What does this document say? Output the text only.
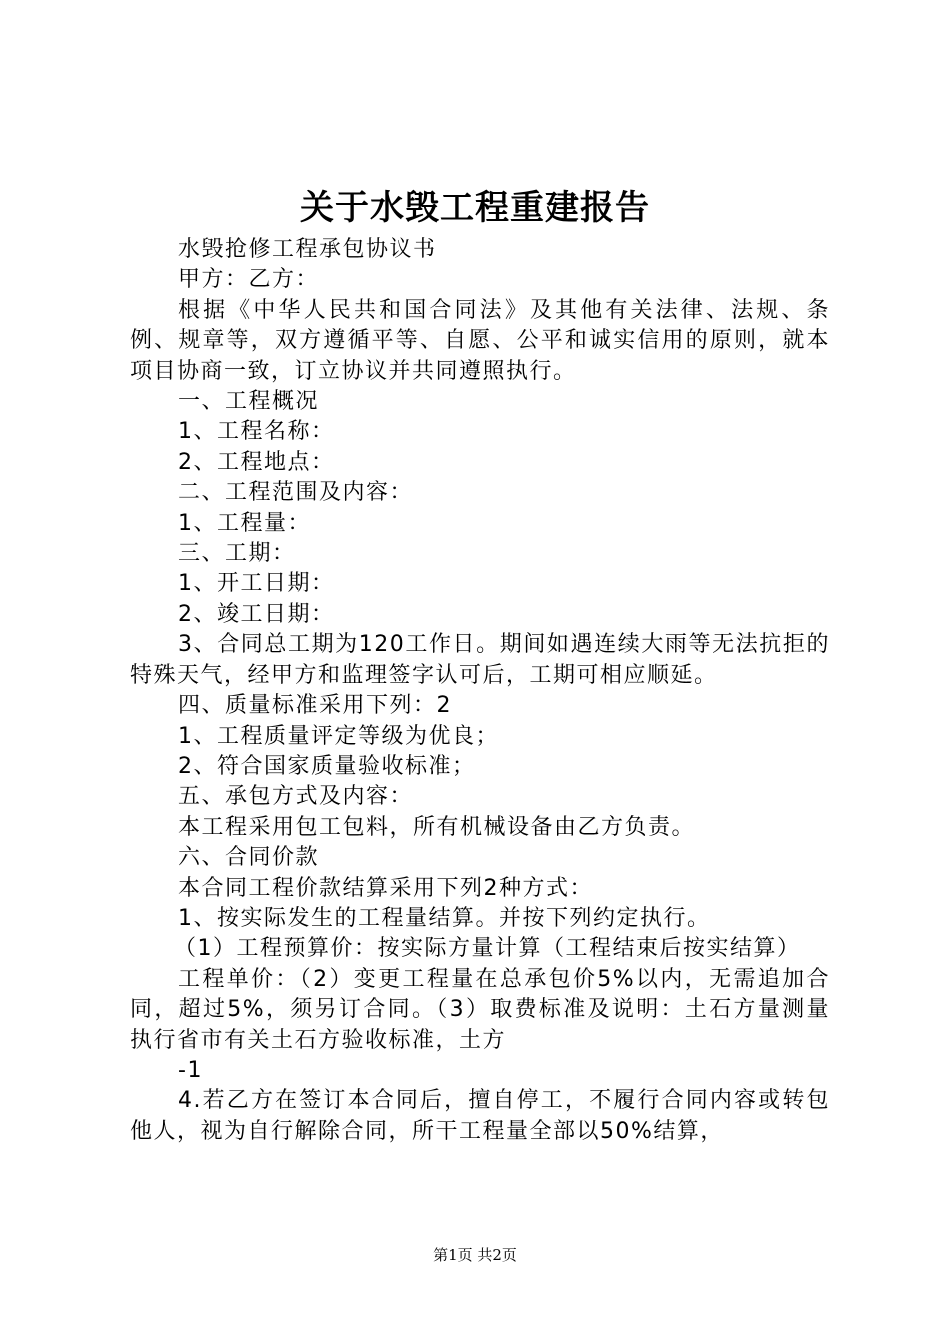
关于水毁工程重建报告

水毁抢修工程承包协议书

甲方：乙方：

根据《中华人民共和国合同法》及其他有关法律、法规、条例、规章等，双方遵循平等、自愿、公平和诚实信用的原则，就本项目协商一致，订立协议并共同遵照执行。

一、工程概况

1、工程名称：

2、工程地点：

二、工程范围及内容：

1、工程量：

三、工期：

1、开工日期：

2、竣工日期：

3、合同总工期为120工作日。期间如遇连续大雨等无法抗拒的特殊天气，经甲方和监理签字认可后，工期可相应顺延。

四、质量标准采用下列：2

1、工程质量评定等级为优良；

2、符合国家质量验收标准；

五、承包方式及内容：

本工程采用包工包料，所有机械设备由乙方负责。

六、合同价款

本合同工程价款结算采用下列2种方式：

1、按实际发生的工程量结算。并按下列约定执行。

（1）工程预算价：按实际方量计算（工程结束后按实结算）

工程单价：（2）变更工程量在总承包价5%以内，无需追加合同，超过5%，须另订合同。（3）取费标准及说明：土石方量测量执行省市有关土石方验收标准，土方

-1

4.若乙方在签订本合同后，擅自停工，不履行合同内容或转包他人，视为自行解除合同，所干工程量全部以50%结算，

第1页 共2页
